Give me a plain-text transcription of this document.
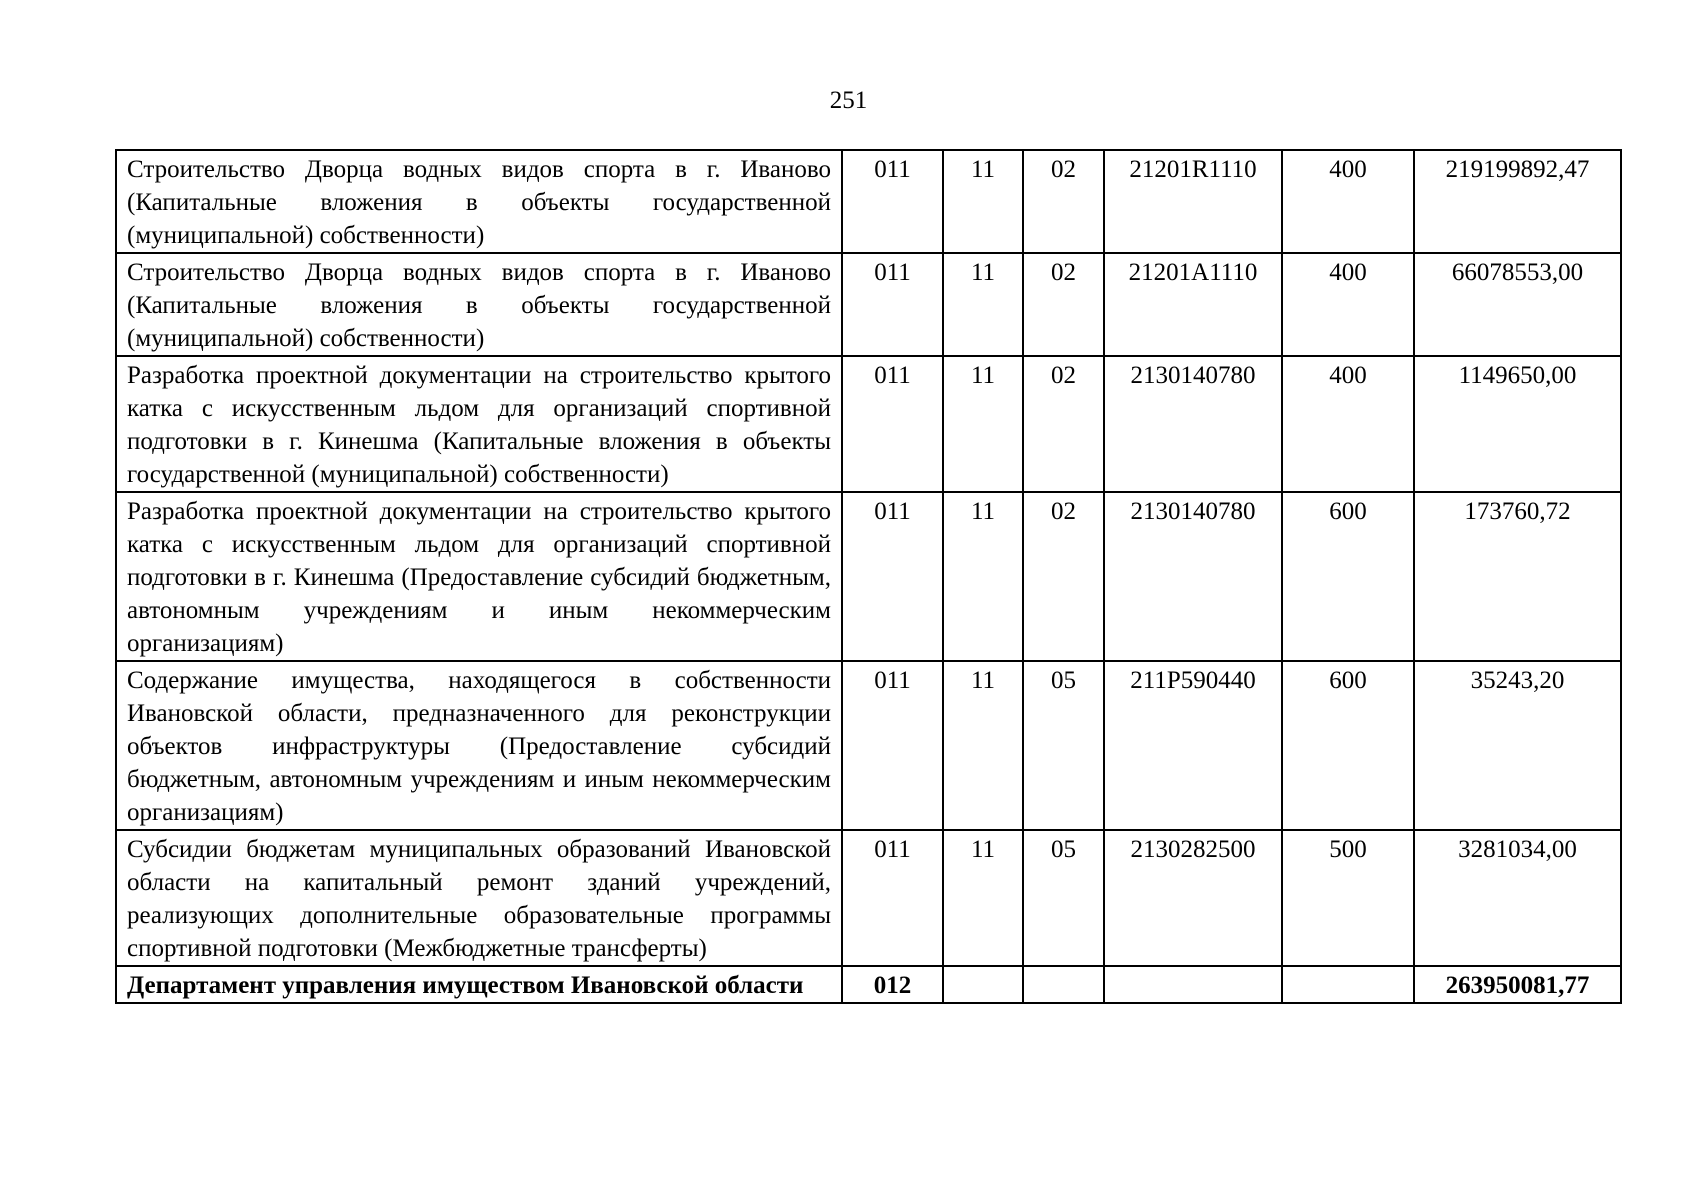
251
Строительство Дворца водных видов спорта в г. Иваново (Капитальные вложения в объекты государственной (муниципальной) собственности)	011	11	02	21201R1110	400	219199892,47
Строительство Дворца водных видов спорта в г. Иваново (Капитальные вложения в объекты государственной (муниципальной) собственности)	011	11	02	21201А1110	400	66078553,00
Разработка проектной документации на строительство крытого катка с искусственным льдом для организаций спортивной подготовки в г. Кинешма (Капитальные вложения в объекты государственной (муниципальной) собственности)	011	11	02	2130140780	400	1149650,00
Разработка проектной документации на строительство крытого катка с искусственным льдом для организаций спортивной подготовки в г. Кинешма (Предоставление субсидий бюджетным, автономным учреждениям и иным некоммерческим организациям)	011	11	02	2130140780	600	173760,72
Содержание имущества, находящегося в собственности Ивановской области, предназначенного для реконструкции объектов инфраструктуры (Предоставление субсидий бюджетным, автономным учреждениям и иным некоммерческим организациям)	011	11	05	211P590440	600	35243,20
Субсидии бюджетам муниципальных образований Ивановской области на капитальный ремонт зданий учреждений, реализующих дополнительные образовательные программы спортивной подготовки (Межбюджетные трансферты)	011	11	05	2130282500	500	3281034,00
Департамент управления имуществом Ивановской области	012					263950081,77
